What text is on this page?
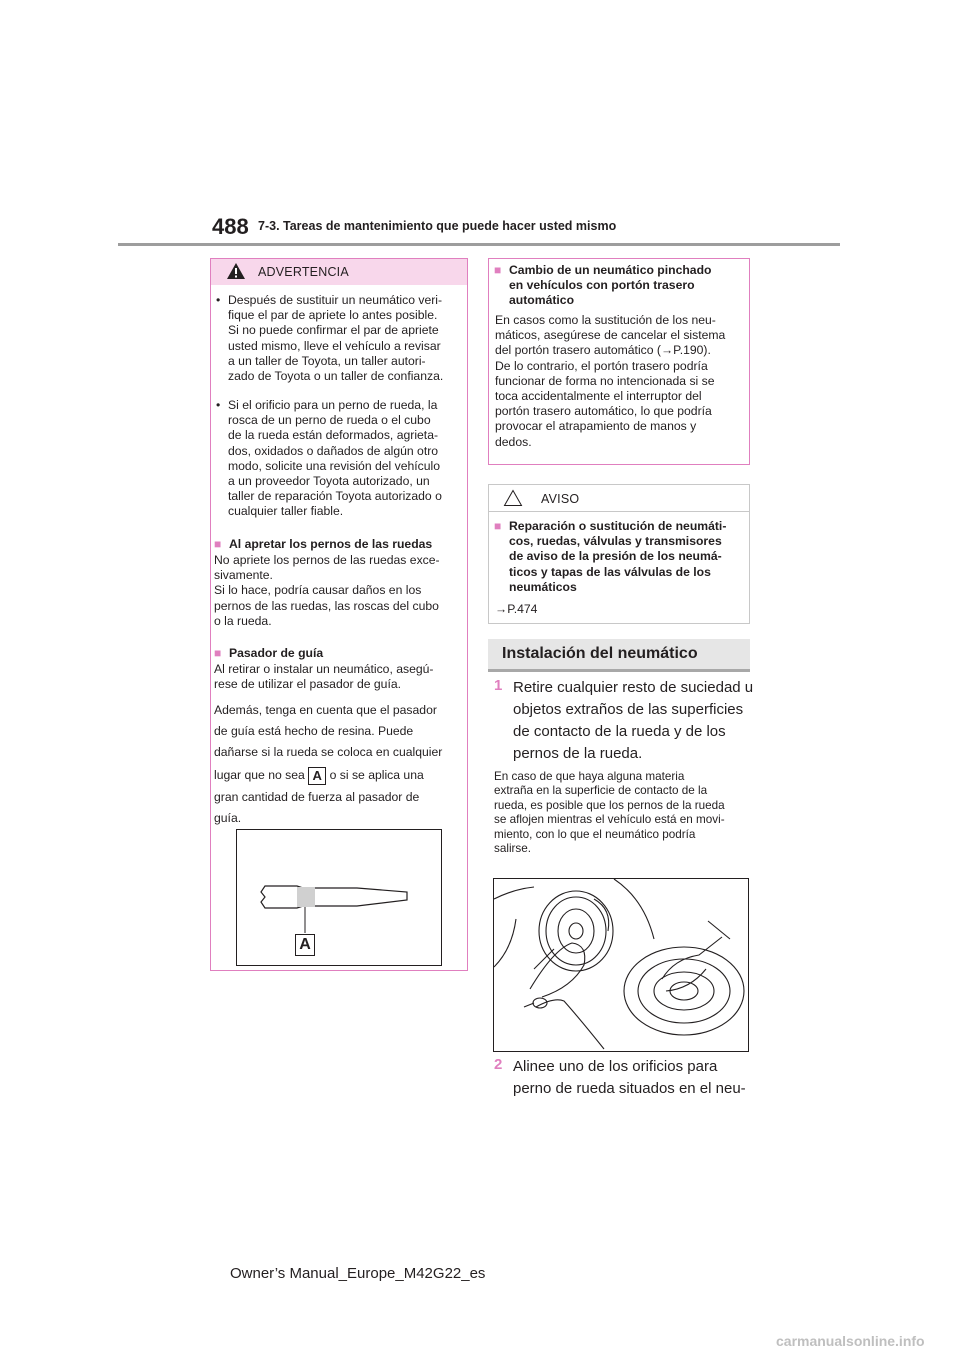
488 7-3. Tareas de mantenimiento que puede hacer usted mismo
ADVERTENCIA
• Después de sustituir un neumático veri-
fique el par de apriete lo antes posible.
Si no puede confirmar el par de apriete
usted mismo, lleve el vehículo a revisar
a un taller de Toyota, un taller autori-
zado de Toyota o un taller de confianza.
• Si el orificio para un perno de rueda, la
rosca de un perno de rueda o el cubo
de la rueda están deformados, agrieta-
dos, oxidados o dañados de algún otro
modo, solicite una revisión del vehículo
a un proveedor Toyota autorizado, un
taller de reparación Toyota autorizado o
cualquier taller fiable.
■ Al apretar los pernos de las ruedas
No apriete los pernos de las ruedas exce-
sivamente.
Si lo hace, podría causar daños en los
pernos de las ruedas, las roscas del cubo
o la rueda.
■ Pasador de guía
Al retirar o instalar un neumático, asegú-
rese de utilizar el pasador de guía.
Además, tenga en cuenta que el pasador
de guía está hecho de resina. Puede
dañarse si la rueda se coloca en cualquier
lugar que no sea A o si se aplica una
gran cantidad de fuerza al pasador de
guía.
A
■ Cambio de un neumático pinchado
en vehículos con portón trasero
automático
En casos como la sustitución de los neu-
máticos, asegúrese de cancelar el sistema
del portón trasero automático (→P.190).
De lo contrario, el portón trasero podría
funcionar de forma no intencionada si se
toca accidentalmente el interruptor del
portón trasero automático, lo que podría
provocar el atrapamiento de manos y
dedos.
AVISO
■ Reparación o sustitución de neumáti-
cos, ruedas, válvulas y transmisores
de aviso de la presión de los neumá-
ticos y tapas de las válvulas de los
neumáticos
→P.474
Instalación del neumático
1 Retire cualquier resto de suciedad u
objetos extraños de las superficies
de contacto de la rueda y de los
pernos de la rueda.
En caso de que haya alguna materia
extraña en la superficie de contacto de la
rueda, es posible que los pernos de la rueda
se aflojen mientras el vehículo está en movi-
miento, con lo que el neumático podría
salirse.
2 Alinee uno de los orificios para
perno de rueda situados en el neu-
Owner’s Manual_Europe_M42G22_es
carmanualsonline.info
